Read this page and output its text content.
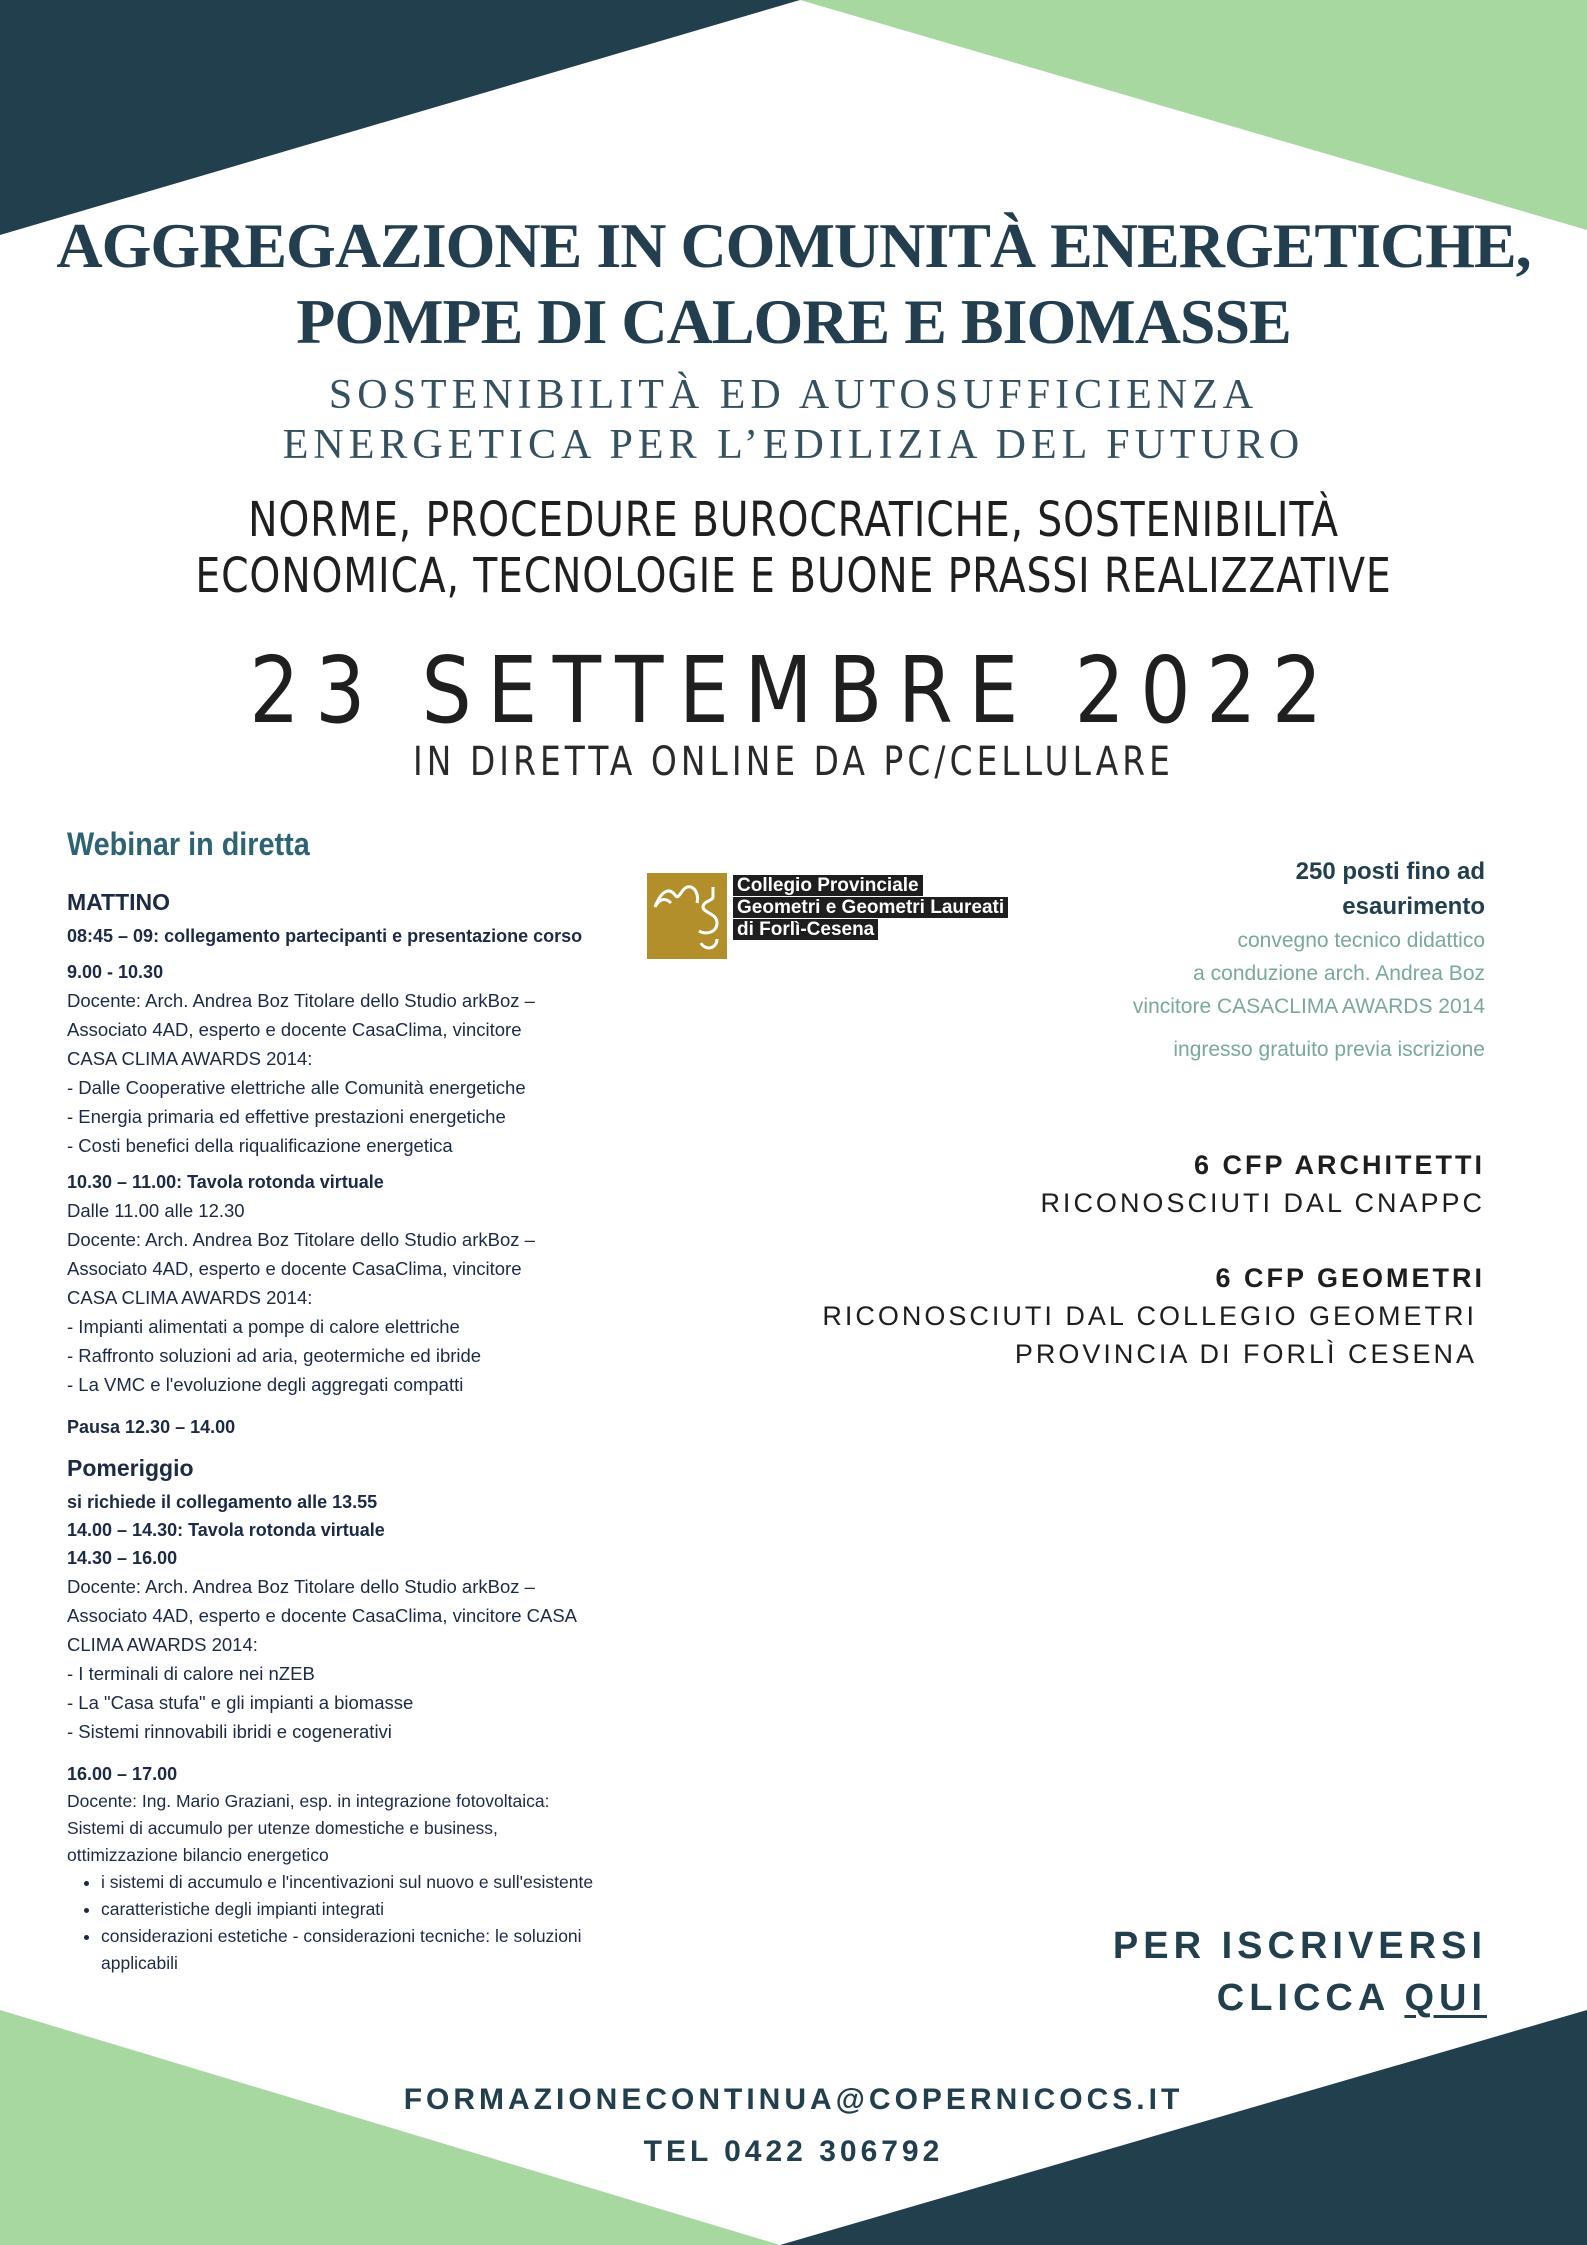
AGGREGAZIONE IN COMUNITÀ ENERGETICHE,
POMPE DI CALORE E BIOMASSE
SOSTENIBILITÀ ED AUTOSUFFICIENZA
ENERGETICA PER L’EDILIZIA DEL FUTURO
NORME, PROCEDURE BUROCRATICHE, SOSTENIBILITÀ
ECONOMICA, TECNOLOGIE E BUONE PRASSI REALIZZATIVE
23 SETTEMBRE 2022
IN DIRETTA ONLINE DA PC/CELLULARE
Webinar in diretta
MATTINO
08:45 – 09: collegamento partecipanti e presentazione corso
9.00 - 10.30
Docente: Arch. Andrea Boz Titolare dello Studio arkBoz –
Associato 4AD, esperto e docente CasaClima, vincitore
CASA CLIMA AWARDS 2014:
- Dalle Cooperative elettriche alle Comunità energetiche
- Energia primaria ed effettive prestazioni energetiche
- Costi benefici della riqualificazione energetica
10.30 – 11.00: Tavola rotonda virtuale
Dalle 11.00 alle 12.30
Docente: Arch. Andrea Boz Titolare dello Studio arkBoz –
Associato 4AD, esperto e docente CasaClima, vincitore
CASA CLIMA AWARDS 2014:
- Impianti alimentati a pompe di calore elettriche
- Raffronto soluzioni ad aria, geotermiche ed ibride
- La VMC e l'evoluzione degli aggregati compatti
Pausa 12.30 – 14.00
Pomeriggio
si richiede il collegamento alle 13.55
14.00 – 14.30: Tavola rotonda virtuale
14.30 – 16.00
Docente: Arch. Andrea Boz Titolare dello Studio arkBoz –
Associato 4AD, esperto e docente CasaClima, vincitore CASA
CLIMA AWARDS 2014:
- I terminali di calore nei nZEB
- La "Casa stufa" e gli impianti a biomasse
- Sistemi rinnovabili ibridi e cogenerativi
16.00 – 17.00
Docente: Ing. Mario Graziani, esp. in integrazione fotovoltaica:
Sistemi di accumulo per utenze domestiche e business,
ottimizzazione bilancio energetico
• i sistemi di accumulo e l'incentivazioni sul nuovo e sull'esistente
• caratteristiche degli impianti integrati
• considerazioni estetiche - considerazioni tecniche: le soluzioni applicabili
Collegio Provinciale
Geometri e Geometri Laureati
di Forlì-Cesena
250 posti fino ad
esaurimento
convegno tecnico didattico
a conduzione arch. Andrea Boz
vincitore CASACLIMA AWARDS 2014
ingresso gratuito previa iscrizione
6 CFP ARCHITETTI
RICONOSCIUTI DAL CNAPPC
6 CFP GEOMETRI
RICONOSCIUTI DAL COLLEGIO GEOMETRI
PROVINCIA DI FORLÌ CESENA
PER ISCRIVERSI
CLICCA QUI
FORMAZIONECONTINUA@COPERNICOCS.IT
TEL 0422 306792
